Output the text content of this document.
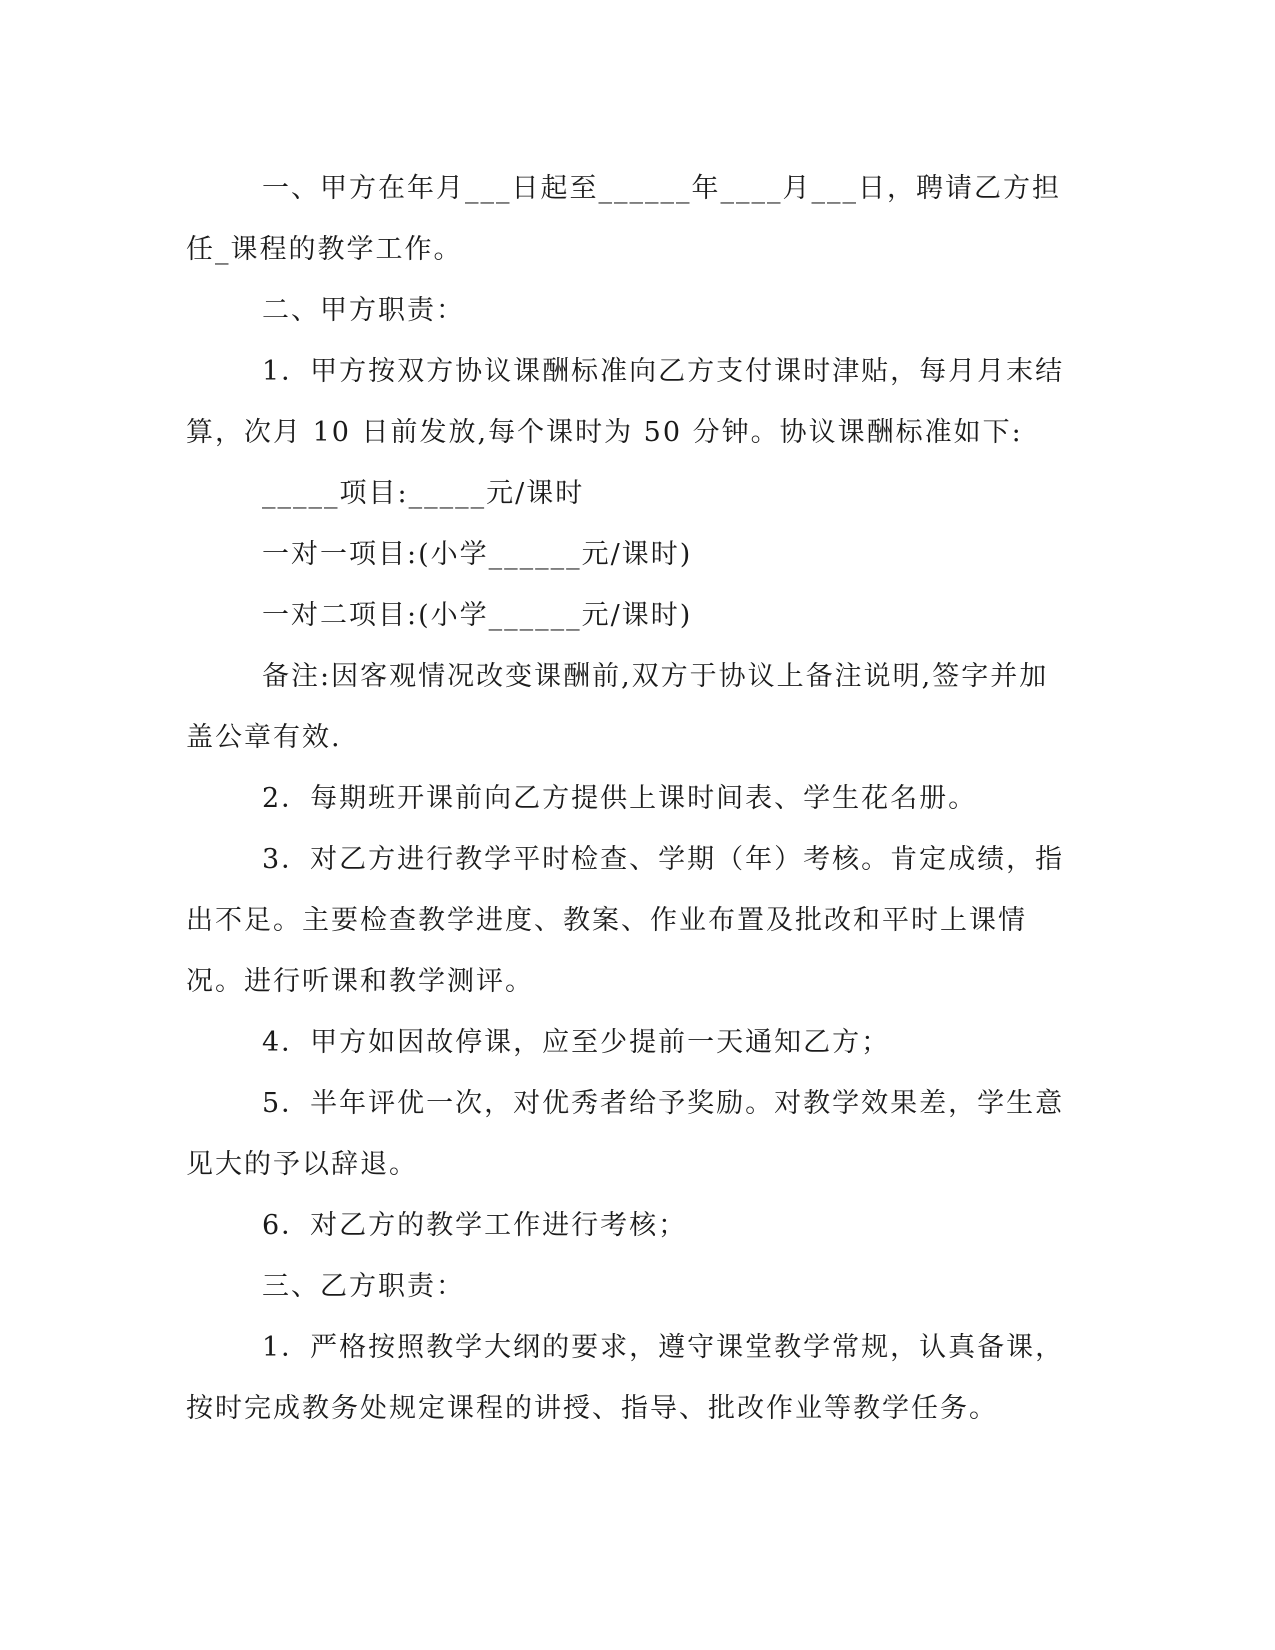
一、甲方在年月___日起至______年____月___日，聘请乙方担任_课程的教学工作。

二、甲方职责：

1．甲方按双方协议课酬标准向乙方支付课时津贴，每月月末结算，次月 10 日前发放,每个课时为 50 分钟。协议课酬标准如下:

_____项目:_____元/课时

一对一项目:(小学______元/课时)

一对二项目:(小学______元/课时)

备注:因客观情况改变课酬前,双方于协议上备注说明,签字并加盖公章有效.

2．每期班开课前向乙方提供上课时间表、学生花名册。

3．对乙方进行教学平时检查、学期（年）考核。肯定成绩，指出不足。主要检查教学进度、教案、作业布置及批改和平时上课情况。进行听课和教学测评。

4．甲方如因故停课，应至少提前一天通知乙方；

5．半年评优一次，对优秀者给予奖励。对教学效果差，学生意见大的予以辞退。

6．对乙方的教学工作进行考核；

三、乙方职责：

1．严格按照教学大纲的要求，遵守课堂教学常规，认真备课，按时完成教务处规定课程的讲授、指导、批改作业等教学任务。
